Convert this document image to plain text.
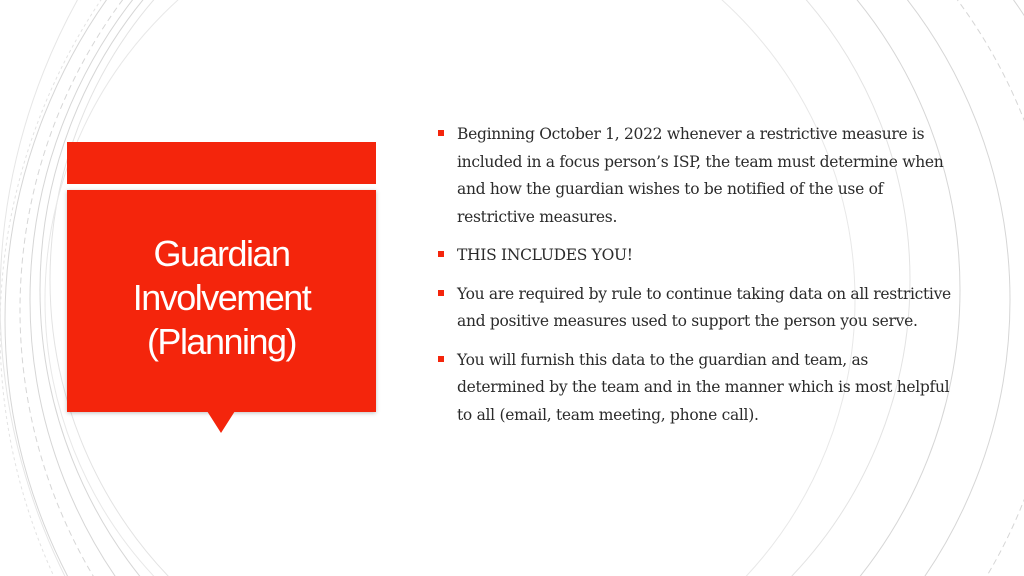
Guardian
Involvement
(Planning)
Beginning October 1, 2022 whenever a restrictive measure is included in a focus person’s ISP, the team must determine when and how the guardian wishes to be notified of the use of restrictive measures.
THIS INCLUDES YOU!
You are required by rule to continue taking data on all restrictive and positive measures used to support the person you serve.
You will furnish this data to the guardian and team, as determined by the team and in the manner which is most helpful to all (email, team meeting, phone call).
